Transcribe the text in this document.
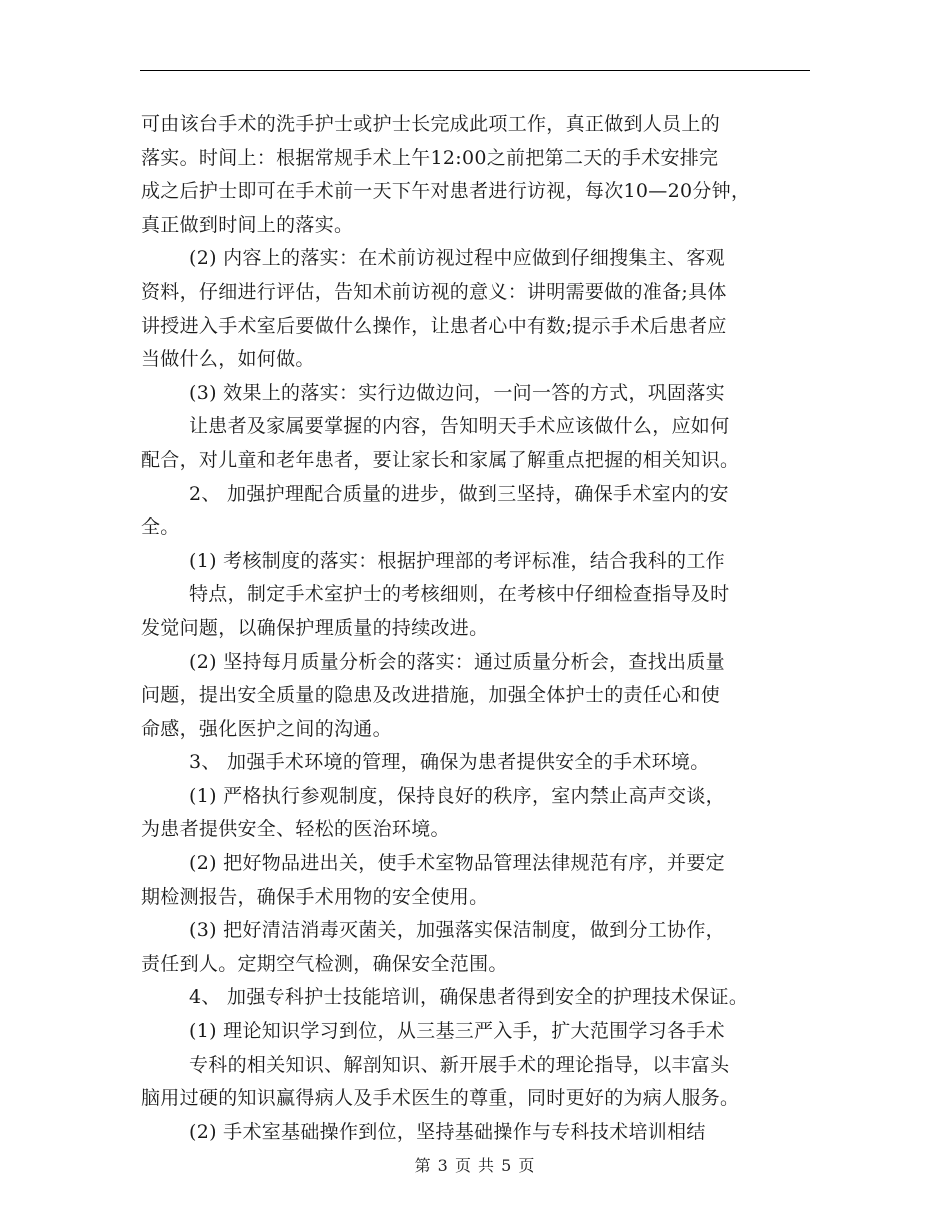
可由该台手术的洗手护士或护士长完成此项工作，真正做到人员上的
落实。时间上：根据常规手术上午12:00之前把第二天的手术安排完
成之后护士即可在手术前一天下午对患者进行访视，每次10—20分钟，
真正做到时间上的落实。
(2) 内容上的落实：在术前访视过程中应做到仔细搜集主、客观
资料，仔细进行评估，告知术前访视的意义：讲明需要做的准备;具体
讲授进入手术室后要做什么操作，让患者心中有数;提示手术后患者应
当做什么，如何做。
(3) 效果上的落实：实行边做边问，一问一答的方式，巩固落实
让患者及家属要掌握的内容，告知明天手术应该做什么，应如何
配合，对儿童和老年患者，要让家长和家属了解重点把握的相关知识。
2、 加强护理配合质量的进步，做到三坚持，确保手术室内的安
全。
(1) 考核制度的落实：根据护理部的考评标准，结合我科的工作
特点，制定手术室护士的考核细则，在考核中仔细检查指导及时
发觉问题，以确保护理质量的持续改进。
(2) 坚持每月质量分析会的落实：通过质量分析会，查找出质量
问题，提出安全质量的隐患及改进措施，加强全体护士的责任心和使
命感，强化医护之间的沟通。
3、 加强手术环境的管理，确保为患者提供安全的手术环境。
(1) 严格执行参观制度，保持良好的秩序，室内禁止高声交谈，
为患者提供安全、轻松的医治环境。
(2) 把好物品进出关，使手术室物品管理法律规范有序，并要定
期检测报告，确保手术用物的安全使用。
(3) 把好清洁消毒灭菌关，加强落实保洁制度，做到分工协作，
责任到人。定期空气检测，确保安全范围。
4、 加强专科护士技能培训，确保患者得到安全的护理技术保证。
(1) 理论知识学习到位，从三基三严入手，扩大范围学习各手术
专科的相关知识、解剖知识、新开展手术的理论指导，以丰富头
脑用过硬的知识赢得病人及手术医生的尊重，同时更好的为病人服务。
(2) 手术室基础操作到位，坚持基础操作与专科技术培训相结
第 3 页 共 5 页
